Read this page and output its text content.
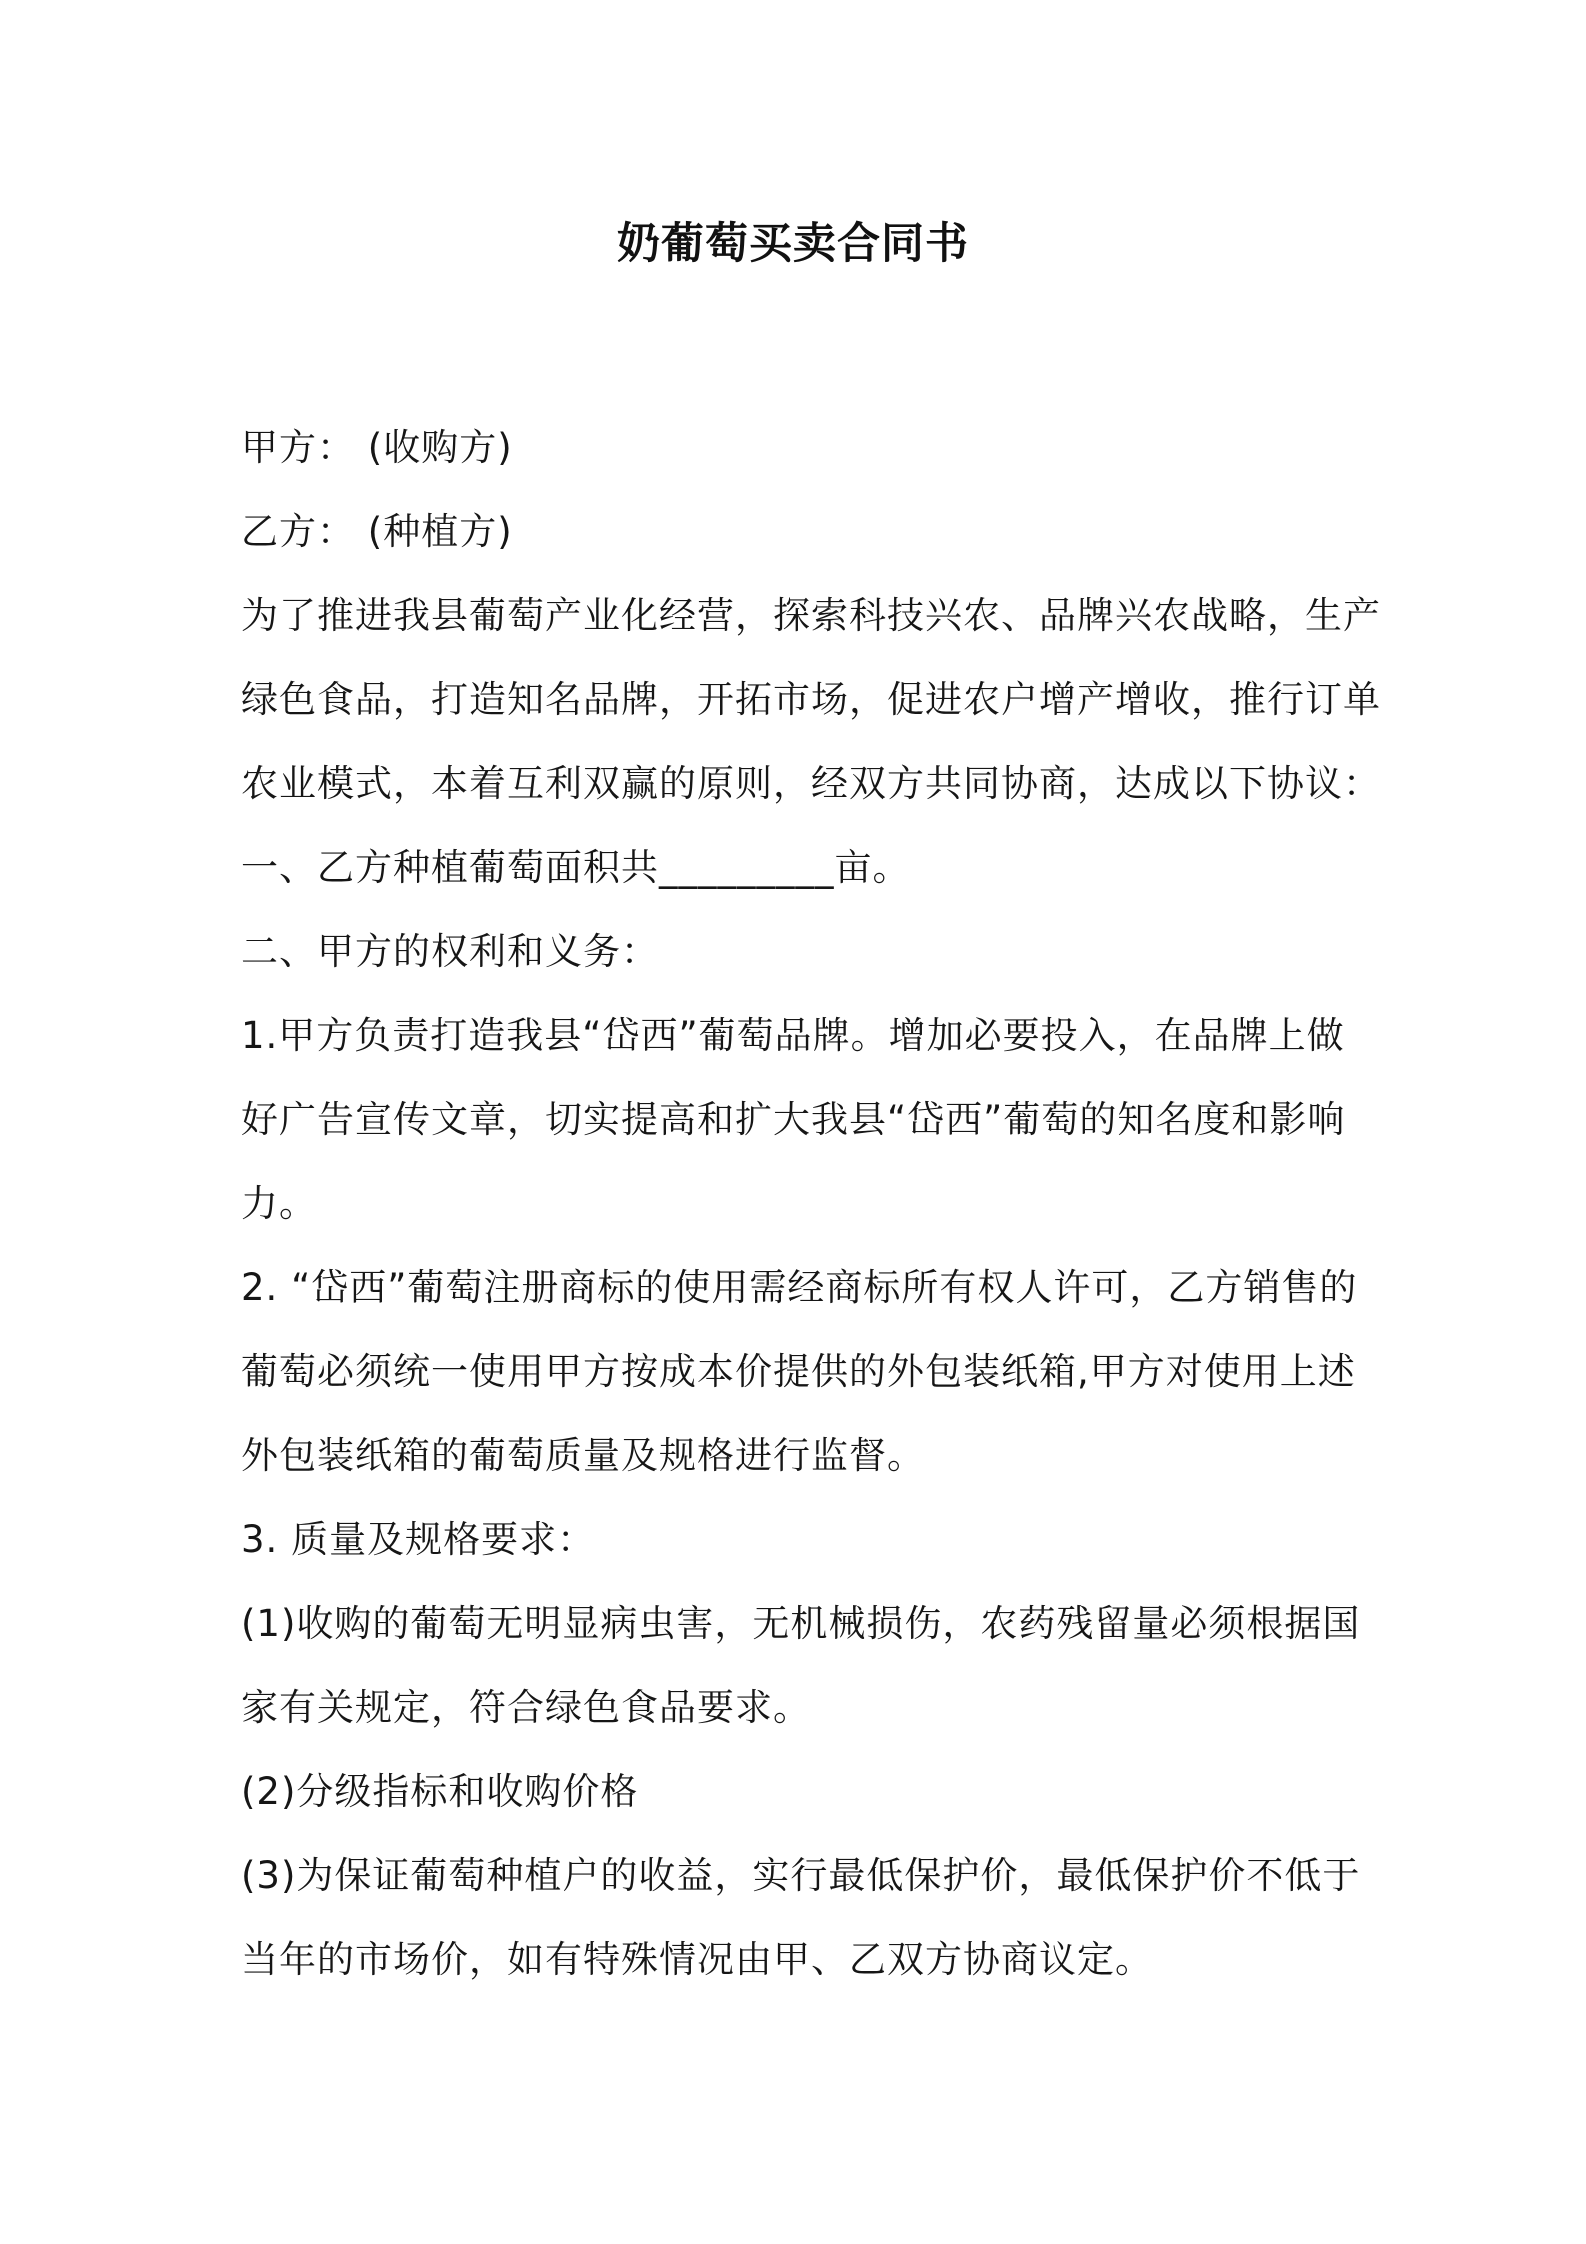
奶葡萄买卖合同书

甲方： (收购方)

乙方： (种植方)

为了推进我县葡萄产业化经营，探索科技兴农、品牌兴农战略，生产

绿色食品，打造知名品牌，开拓市场，促进农户增产增收，推行订单

农业模式，本着互利双赢的原则，经双方共同协商，达成以下协议：

一、乙方种植葡萄面积共_________亩。

二、甲方的权利和义务：

1.甲方负责打造我县“岱西”葡萄品牌。增加必要投入，在品牌上做

好广告宣传文章，切实提高和扩大我县“岱西”葡萄的知名度和影响

力。

2. “岱西”葡萄注册商标的使用需经商标所有权人许可，乙方销售的

葡萄必须统一使用甲方按成本价提供的外包装纸箱,甲方对使用上述

外包装纸箱的葡萄质量及规格进行监督。

3. 质量及规格要求：

(1)收购的葡萄无明显病虫害，无机械损伤，农药残留量必须根据国

家有关规定，符合绿色食品要求。

(2)分级指标和收购价格

(3)为保证葡萄种植户的收益，实行最低保护价，最低保护价不低于

当年的市场价，如有特殊情况由甲、乙双方协商议定。
